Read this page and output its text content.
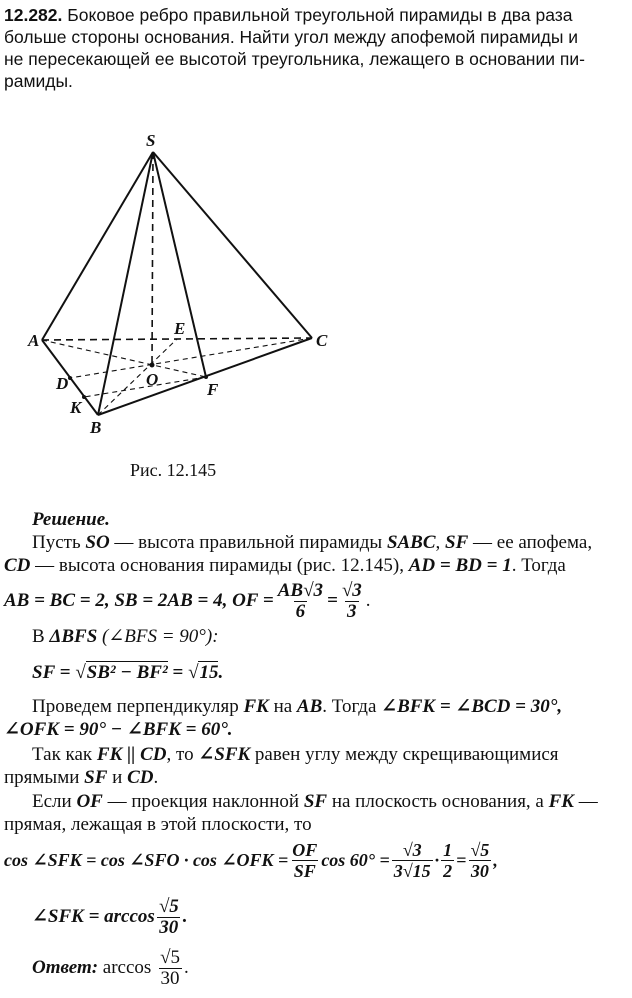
12.282. Боковое ребро правильной треугольной пирамиды в два раза
больше стороны основания. Найти угол между апофемой пирамиды и
не пересекающей ее высотой треугольника, лежащего в основании пи-
рамиды.
S
A	C
E
O
D	F
K
B
Рис. 12.145
Решение.
Пусть SO — высота правильной пирамиды SABC, SF — ее апофема,
CD — высота основания пирамиды (рис. 12.145), AD = BD = 1. Тогда
AB = BC = 2, SB = 2AB = 4, OF = $\frac{AB√3}{6} = \frac{√3}{3}$ .
В ΔBFS (∠BFS = 90°):
SF = √SB² − BF² = √15.
Проведем перпендикуляр FK на AB. Тогда ∠BFK = ∠BCD = 30°,
∠OFK = 90° − ∠BFK = 60°.
Так как FK || CD, то ∠SFK равен углу между скрещивающимися
прямыми SF и CD.
Если OF — проекция наклонной SF на плоскость основания, а FK —
прямая, лежащая в этой плоскости, то
cos ∠SFK = cos ∠SFO · cos ∠OFK = $\frac{OF}{SF}$ $\cos 60^\circ = \frac{√3}{3√15} \cdot \frac{1}{2} = \frac{√5}{30}$ ,
∠SFK = $\arccos \frac{√5}{30}$ .
Ответ: $\arccos \frac{√5}{30}$ .
